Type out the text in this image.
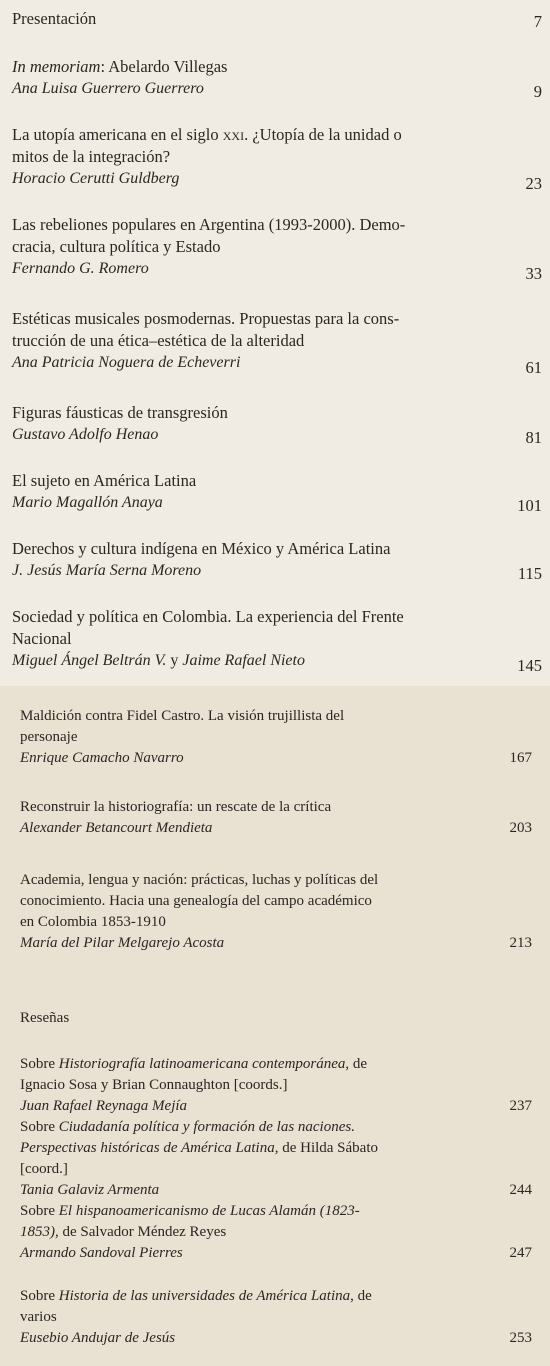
Presentación	7
In memoriam: Abelardo Villegas
Ana Luisa Guerrero Guerrero	9
La utopía americana en el siglo xxi. ¿Utopía de la unidad o
mitos de la integración?
Horacio Cerutti Guldberg	23
Las rebeliones populares en Argentina (1993-2000). Demo-
cracia, cultura política y Estado
Fernando G. Romero	33
Estéticas musicales posmodernas. Propuestas para la cons-
trucción de una ética–estética de la alteridad
Ana Patricia Noguera de Echeverri	61
Figuras fáusticas de transgresión
Gustavo Adolfo Henao	81
El sujeto en América Latina
Mario Magallón Anaya	101
Derechos y cultura indígena en México y América Latina
J. Jesús María Serna Moreno	115
Sociedad y política en Colombia. La experiencia del Frente
Nacional
Miguel Ángel Beltrán V. y Jaime Rafael Nieto	145
Maldición contra Fidel Castro. La visión trujillista del
personaje
Enrique Camacho Navarro	167
Reconstruir la historiografía: un rescate de la crítica
Alexander Betancourt Mendieta	203
Academia, lengua y nación: prácticas, luchas y políticas del
conocimiento. Hacia una genealogía del campo académico
en Colombia 1853-1910
María del Pilar Melgarejo Acosta	213
Reseñas
Sobre Historiografía latinoamericana contemporánea, de
Ignacio Sosa y Brian Connaughton [coords.]
Juan Rafael Reynaga Mejía	237
Sobre Ciudadanía política y formación de las naciones.
Perspectivas históricas de América Latina, de Hilda Sábato
[coord.]
Tania Galaviz Armenta	244
Sobre El hispanoamericanismo de Lucas Alamán (1823-
1853), de Salvador Méndez Reyes
Armando Sandoval Pierres	247
Sobre Historia de las universidades de América Latina, de
varios
Eusebio Andujar de Jesús	253
